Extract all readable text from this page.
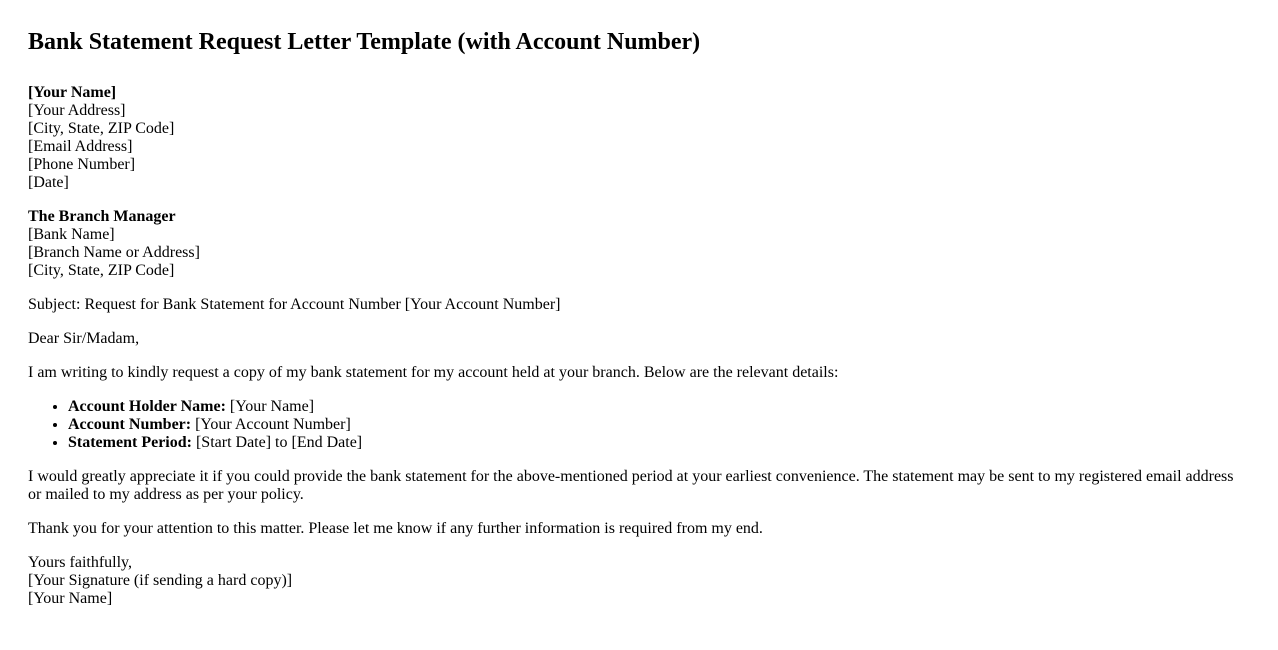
Bank Statement Request Letter Template (with Account Number)
[Your Name]
[Your Address]
[City, State, ZIP Code]
[Email Address]
[Phone Number]
[Date]
The Branch Manager
[Bank Name]
[Branch Name or Address]
[City, State, ZIP Code]

Subject: Request for Bank Statement for Account Number [Your Account Number]

Dear Sir/Madam,

I am writing to kindly request a copy of my bank statement for my account held at your branch. Below are the relevant details:

• Account Holder Name: [Your Name]
• Account Number: [Your Account Number]
• Statement Period: [Start Date] to [End Date]

I would greatly appreciate it if you could provide the bank statement for the above-mentioned period at your earliest convenience. The statement may be sent to my registered email address or mailed to my address as per your policy.

Thank you for your attention to this matter. Please let me know if any further information is required from my end.

Yours faithfully,
[Your Signature (if sending a hard copy)]
[Your Name]
